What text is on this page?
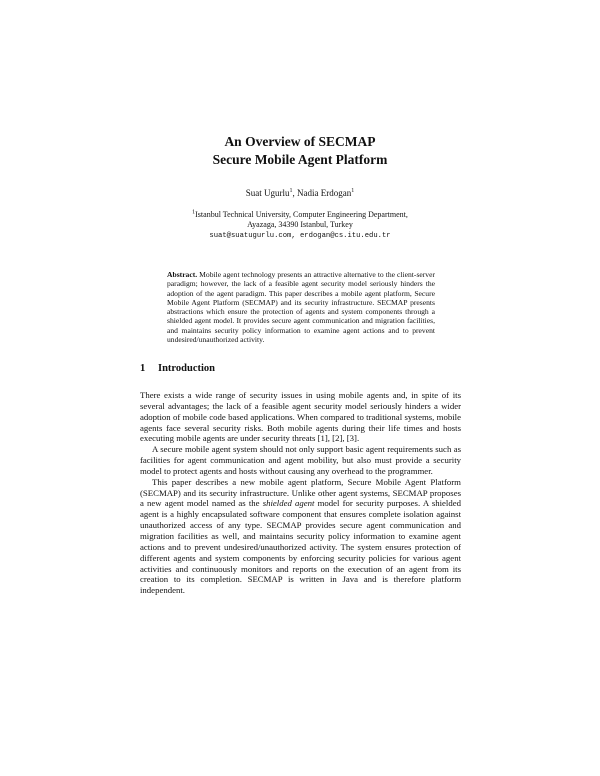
An Overview of SECMAP
Secure Mobile Agent Platform
Suat Ugurlu$^1$, Nadia Erdogan$^1$
$^1$Istanbul Technical University, Computer Engineering Department,
Ayazaga, 34390 Istanbul, Turkey
suat@suatugurlu.com, erdogan@cs.itu.edu.tr
Abstract. Mobile agent technology presents an attractive alternative to the client-server paradigm; however, the lack of a feasible agent security model seriously hinders the adoption of the agent paradigm. This paper describes a mobile agent platform, Secure Mobile Agent Platform (SECMAP) and its security infrastructure. SECMAP presents abstractions which ensure the protection of agents and system components through a shielded agent model. It provides secure agent communication and migration facilities, and maintains security policy information to examine agent actions and to prevent undesired/unauthorized activity.
1 Introduction

There exists a wide range of security issues in using mobile agents and, in spite of its several advantages; the lack of a feasible agent security model seriously hinders a wider adoption of mobile code based applications. When compared to traditional systems, mobile agents face several security risks. Both mobile agents during their life times and hosts executing mobile agents are under security threats [1], [2], [3].

A secure mobile agent system should not only support basic agent requirements such as facilities for agent communication and agent mobility, but also must provide a security model to protect agents and hosts without causing any overhead to the programmer.

This paper describes a new mobile agent platform, Secure Mobile Agent Platform (SECMAP) and its security infrastructure. Unlike other agent systems, SECMAP proposes a new agent model named as the shielded agent model for security purposes. A shielded agent is a highly encapsulated software component that ensures complete isolation against unauthorized access of any type. SECMAP provides secure agent communication and migration facilities as well, and maintains security policy information to examine agent actions and to prevent undesired/unauthorized activity. The system ensures protection of different agents and system components by enforcing security policies for various agent activities and continuously monitors and reports on the execution of an agent from its creation to its completion. SECMAP is written in Java and is therefore platform independent.
